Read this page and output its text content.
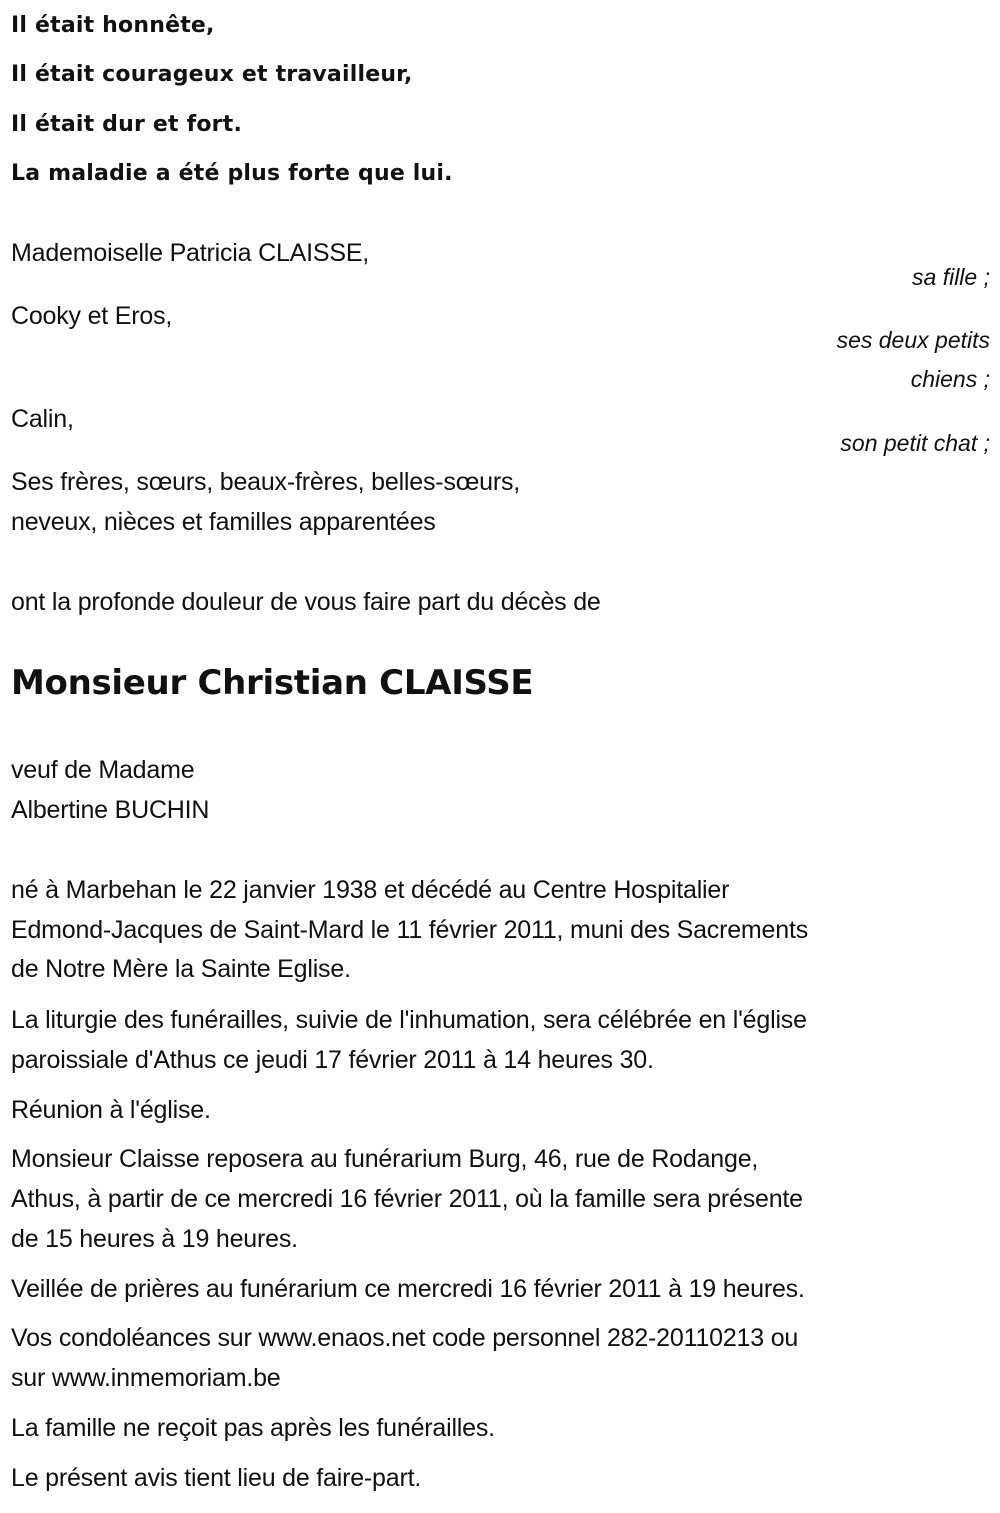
Il était honnête,
Il était courageux et travailleur,
Il était dur et fort.
La maladie a été plus forte que lui.
Mademoiselle Patricia CLAISSE,
sa fille ;
Cooky et Eros,
ses deux petits
chiens ;
Calin,
son petit chat ;
Ses frères, sœurs, beaux-frères, belles-sœurs,
neveux, nièces et familles apparentées
ont la profonde douleur de vous faire part du décès de
Monsieur Christian CLAISSE
veuf de Madame
Albertine BUCHIN
né à Marbehan le 22 janvier 1938 et décédé au Centre Hospitalier
Edmond-Jacques de Saint-Mard le 11 février 2011, muni des Sacrements
de Notre Mère la Sainte Eglise.
La liturgie des funérailles, suivie de l'inhumation, sera célébrée en l'église
paroissiale d'Athus ce jeudi 17 février 2011 à 14 heures 30.
Réunion à l'église.
Monsieur Claisse reposera au funérarium Burg, 46, rue de Rodange,
Athus, à partir de ce mercredi 16 février 2011, où la famille sera présente
de 15 heures à 19 heures.
Veillée de prières au funérarium ce mercredi 16 février 2011 à 19 heures.
Vos condoléances sur www.enaos.net code personnel 282-20110213 ou
sur www.inmemoriam.be
La famille ne reçoit pas après les funérailles.
Le présent avis tient lieu de faire-part.
